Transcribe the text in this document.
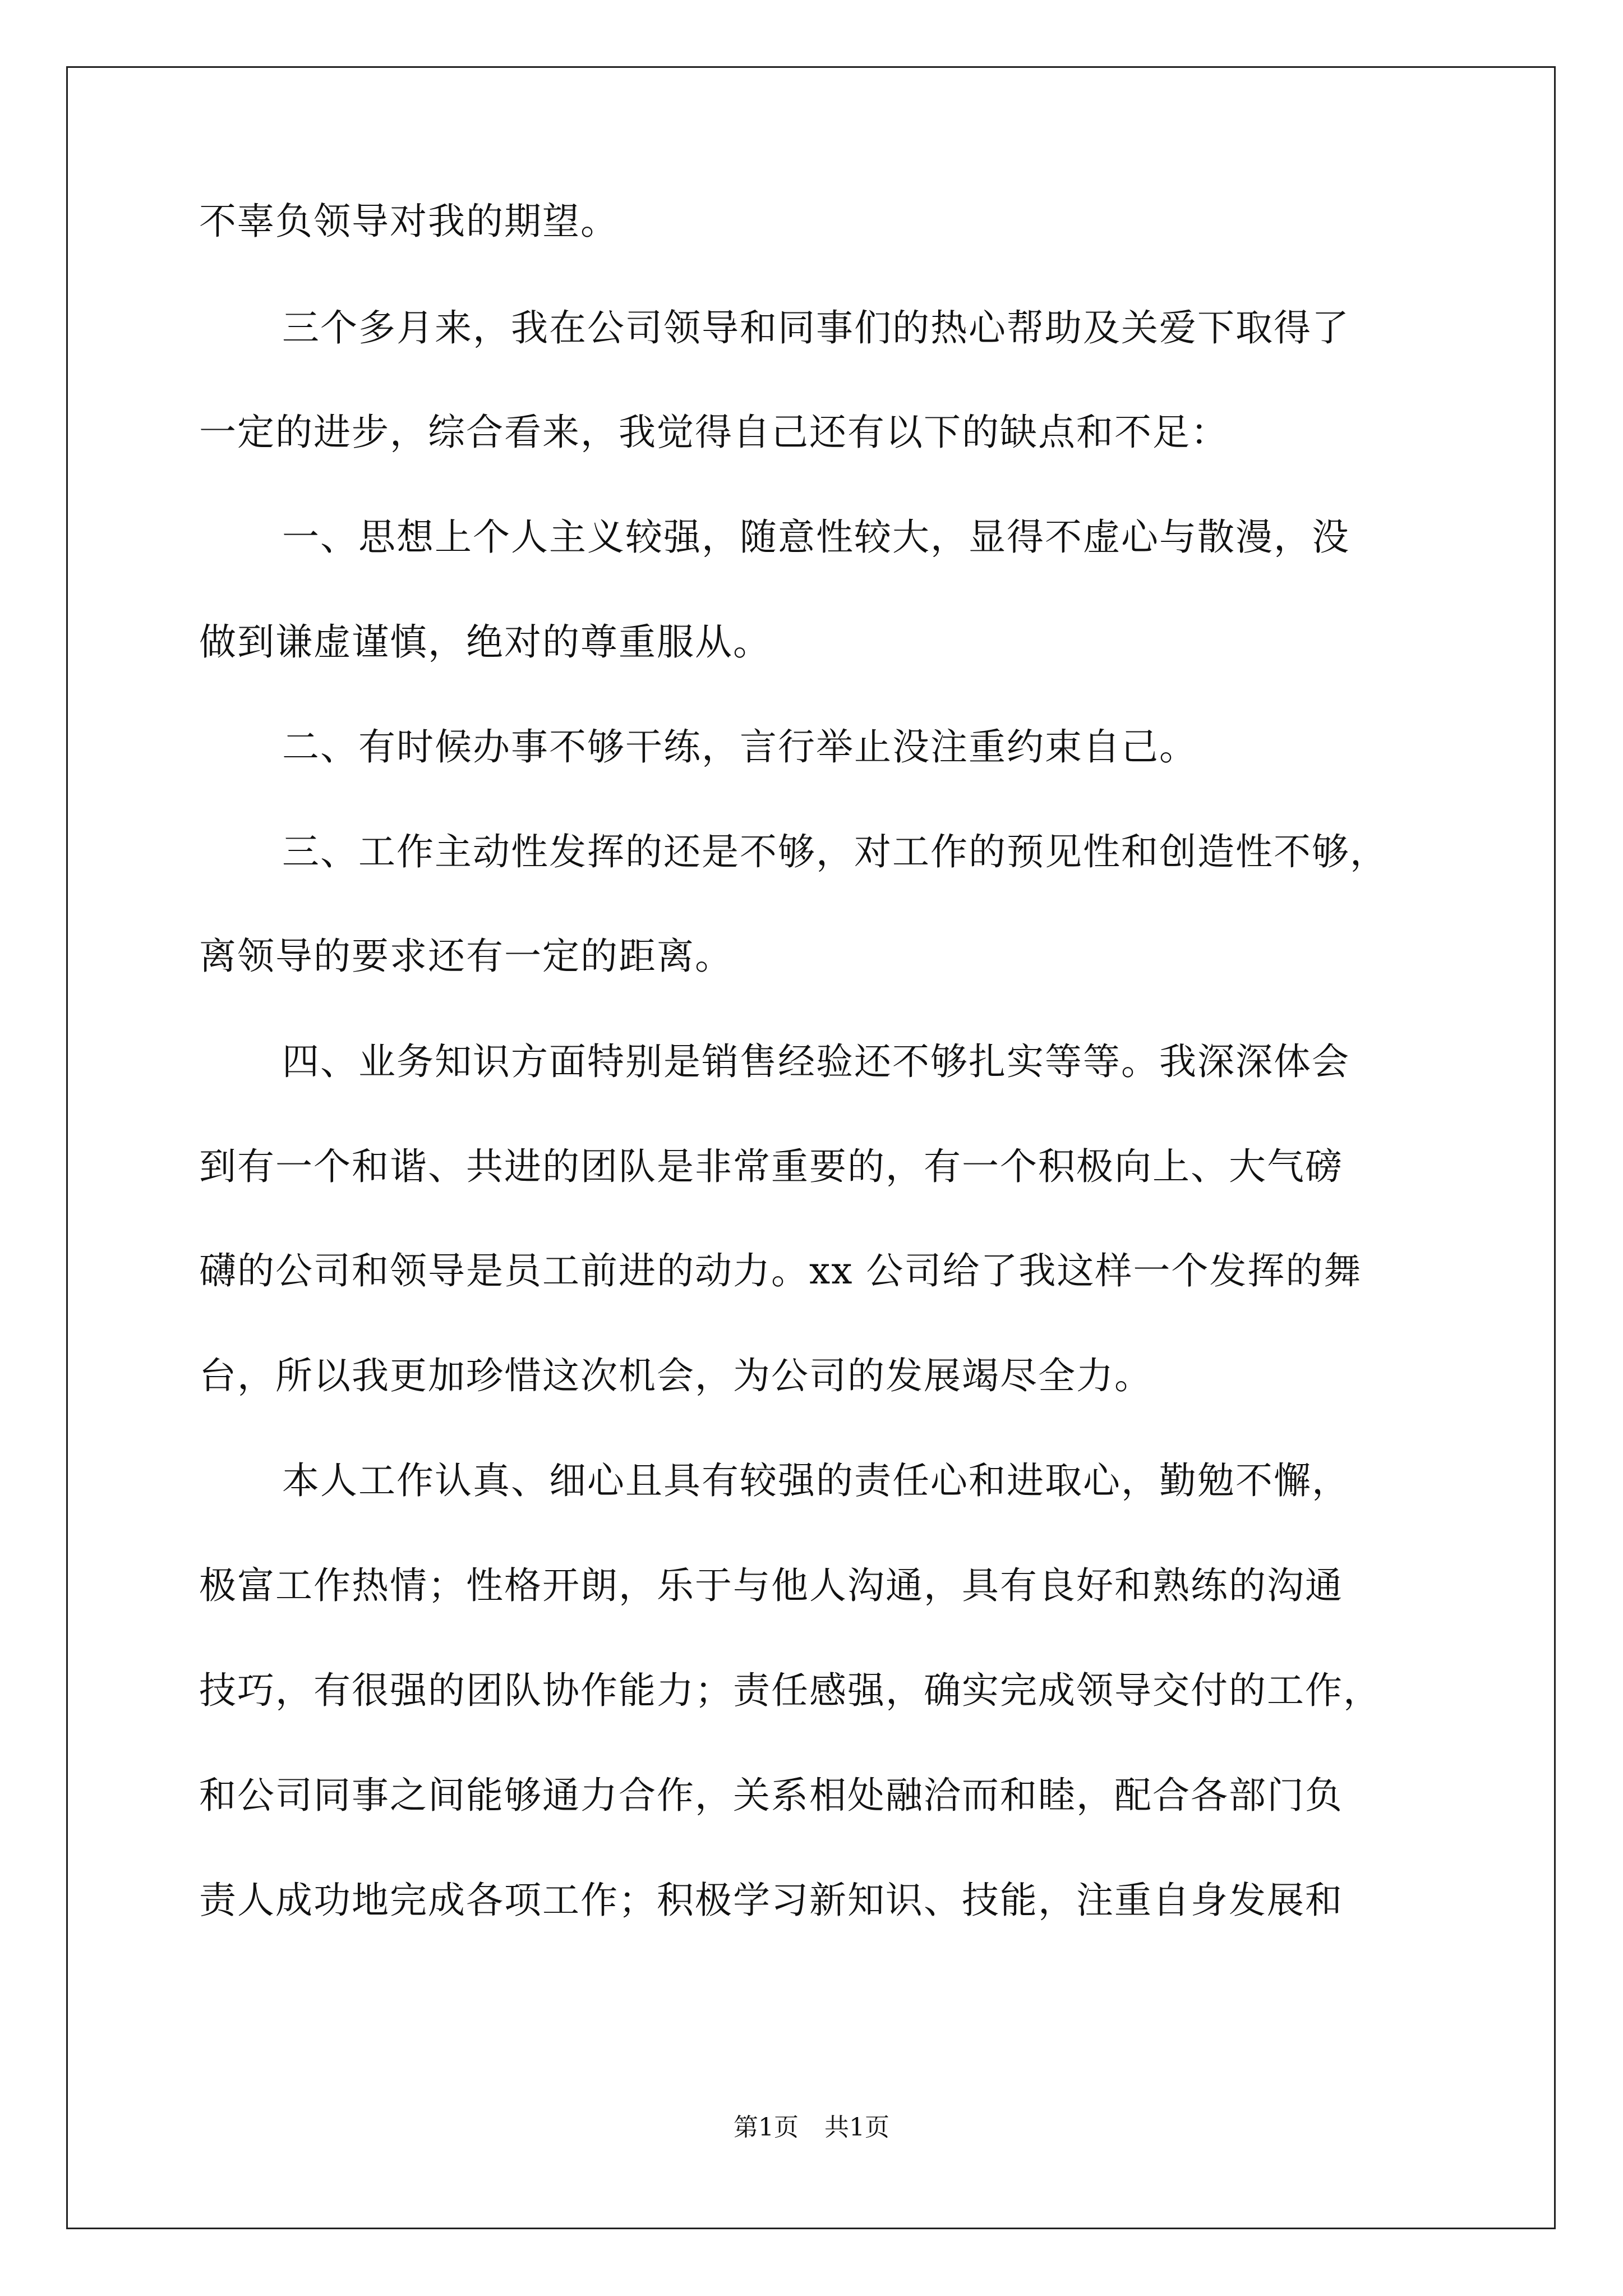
不辜负领导对我的期望。
三个多月来，我在公司领导和同事们的热心帮助及关爱下取得了
一定的进步，综合看来，我觉得自己还有以下的缺点和不足：
一、思想上个人主义较强，随意性较大，显得不虚心与散漫，没
做到谦虚谨慎，绝对的尊重服从。
二、有时候办事不够干练，言行举止没注重约束自己。
三、工作主动性发挥的还是不够，对工作的预见性和创造性不够，
离领导的要求还有一定的距离。
四、业务知识方面特别是销售经验还不够扎实等等。我深深体会
到有一个和谐、共进的团队是非常重要的，有一个积极向上、大气磅
礴的公司和领导是员工前进的动力。xx 公司给了我这样一个发挥的舞
台，所以我更加珍惜这次机会，为公司的发展竭尽全力。
本人工作认真、细心且具有较强的责任心和进取心，勤勉不懈，
极富工作热情；性格开朗，乐于与他人沟通，具有良好和熟练的沟通
技巧，有很强的团队协作能力；责任感强，确实完成领导交付的工作，
和公司同事之间能够通力合作，关系相处融洽而和睦，配合各部门负
责人成功地完成各项工作；积极学习新知识、技能，注重自身发展和
第1页 共1页
